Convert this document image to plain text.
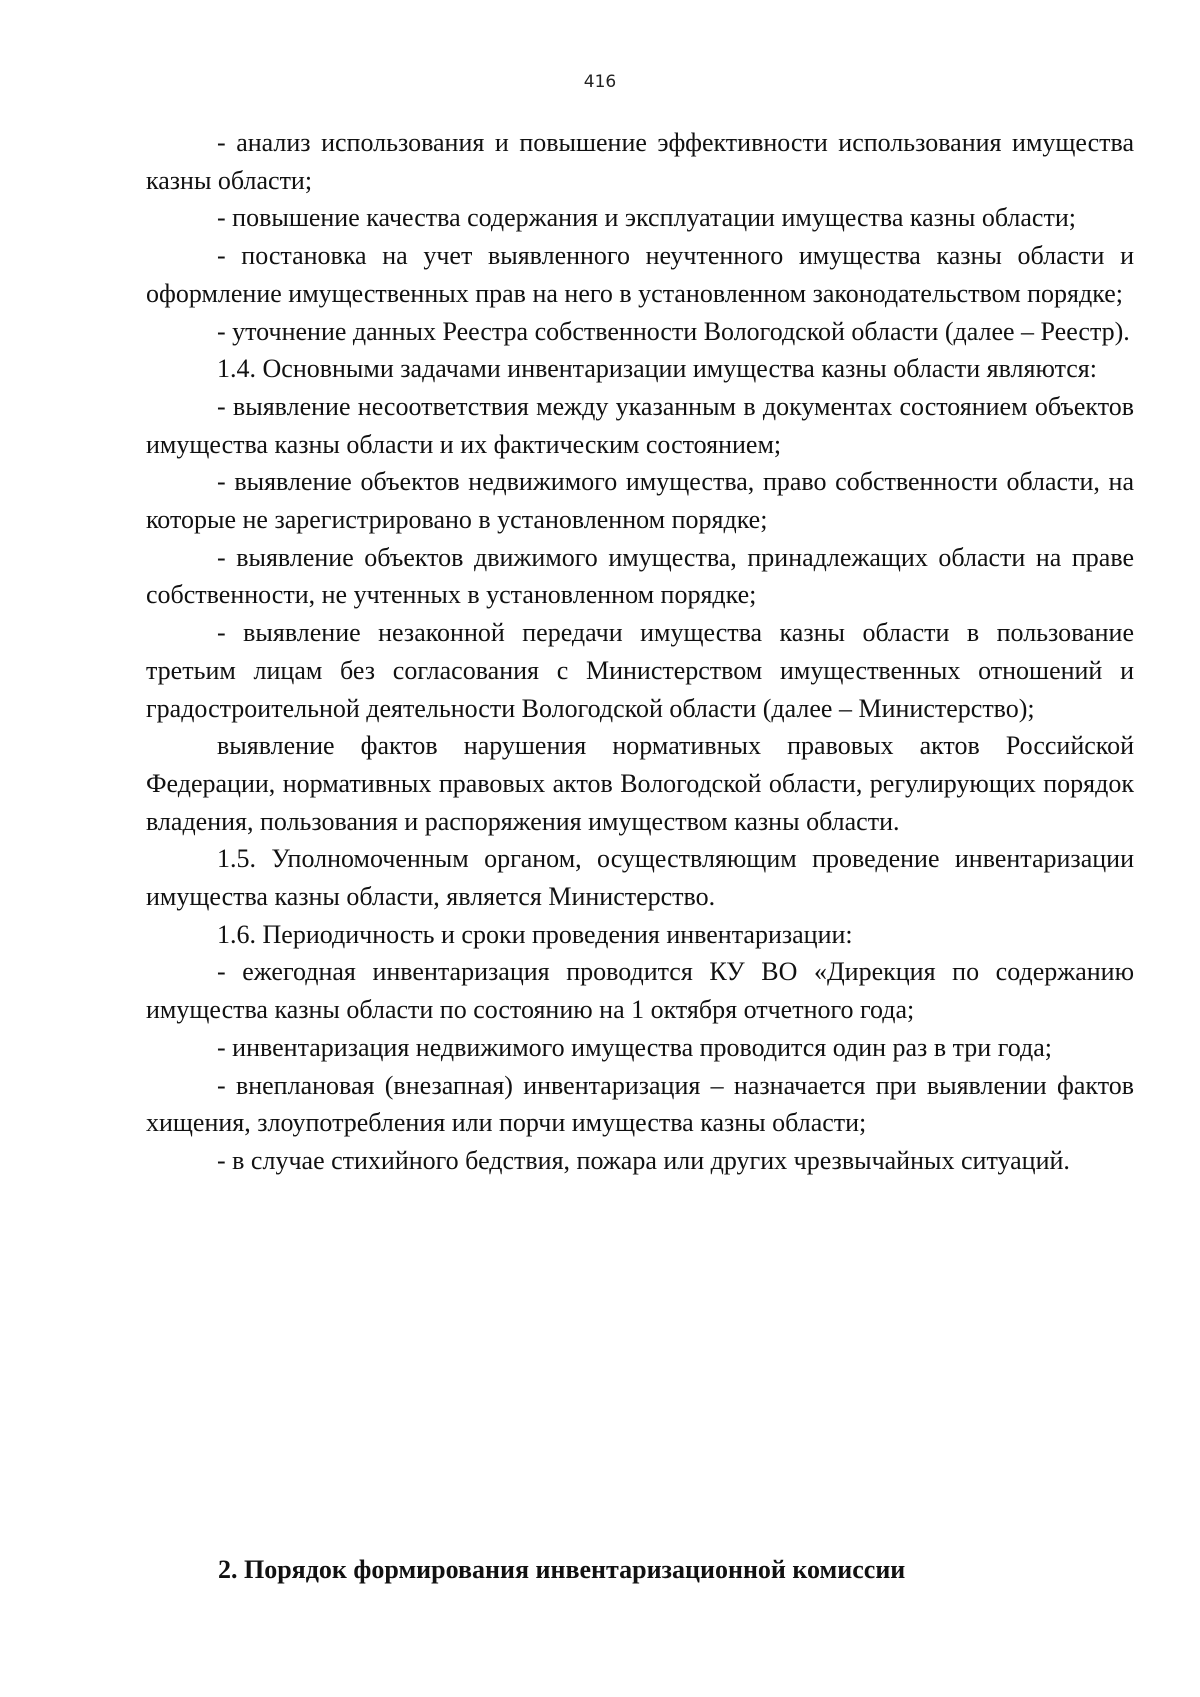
416

- анализ использования и повышение эффективности использования имущества казны области;

- повышение качества содержания и эксплуатации имущества казны области;

- постановка на учет выявленного неучтенного имущества казны области и оформление имущественных прав на него в установленном законодательством порядке;

- уточнение данных Реестра собственности Вологодской области (далее – Реестр).

1.4. Основными задачами инвентаризации имущества казны области являются:

- выявление несоответствия между указанным в документах состоянием объектов имущества казны области и их фактическим состоянием;

- выявление объектов недвижимого имущества, право собственности области, на которые не зарегистрировано в установленном порядке;

- выявление объектов движимого имущества, принадлежащих области на праве собственности, не учтенных в установленном порядке;

- выявление незаконной передачи имущества казны области в пользование третьим лицам без согласования с Министерством имущественных отношений и градостроительной деятельности Вологодской области (далее – Министерство);

выявление фактов нарушения нормативных правовых актов Российской Федерации, нормативных правовых актов Вологодской области, регулирующих порядок владения, пользования и распоряжения имуществом казны области.

1.5. Уполномоченным органом, осуществляющим проведение инвентаризации имущества казны области, является Министерство.

1.6. Периодичность и сроки проведения инвентаризации:

- ежегодная инвентаризация проводится КУ ВО «Дирекция по содержанию имущества казны области по состоянию на 1 октября отчетного года;

- инвентаризация недвижимого имущества проводится один раз в три года;

- внеплановая (внезапная) инвентаризация – назначается при выявлении фактов хищения, злоупотребления или порчи имущества казны области;

- в случае стихийного бедствия, пожара или других чрезвычайных ситуаций.

2. Порядок формирования инвентаризационной комиссии
